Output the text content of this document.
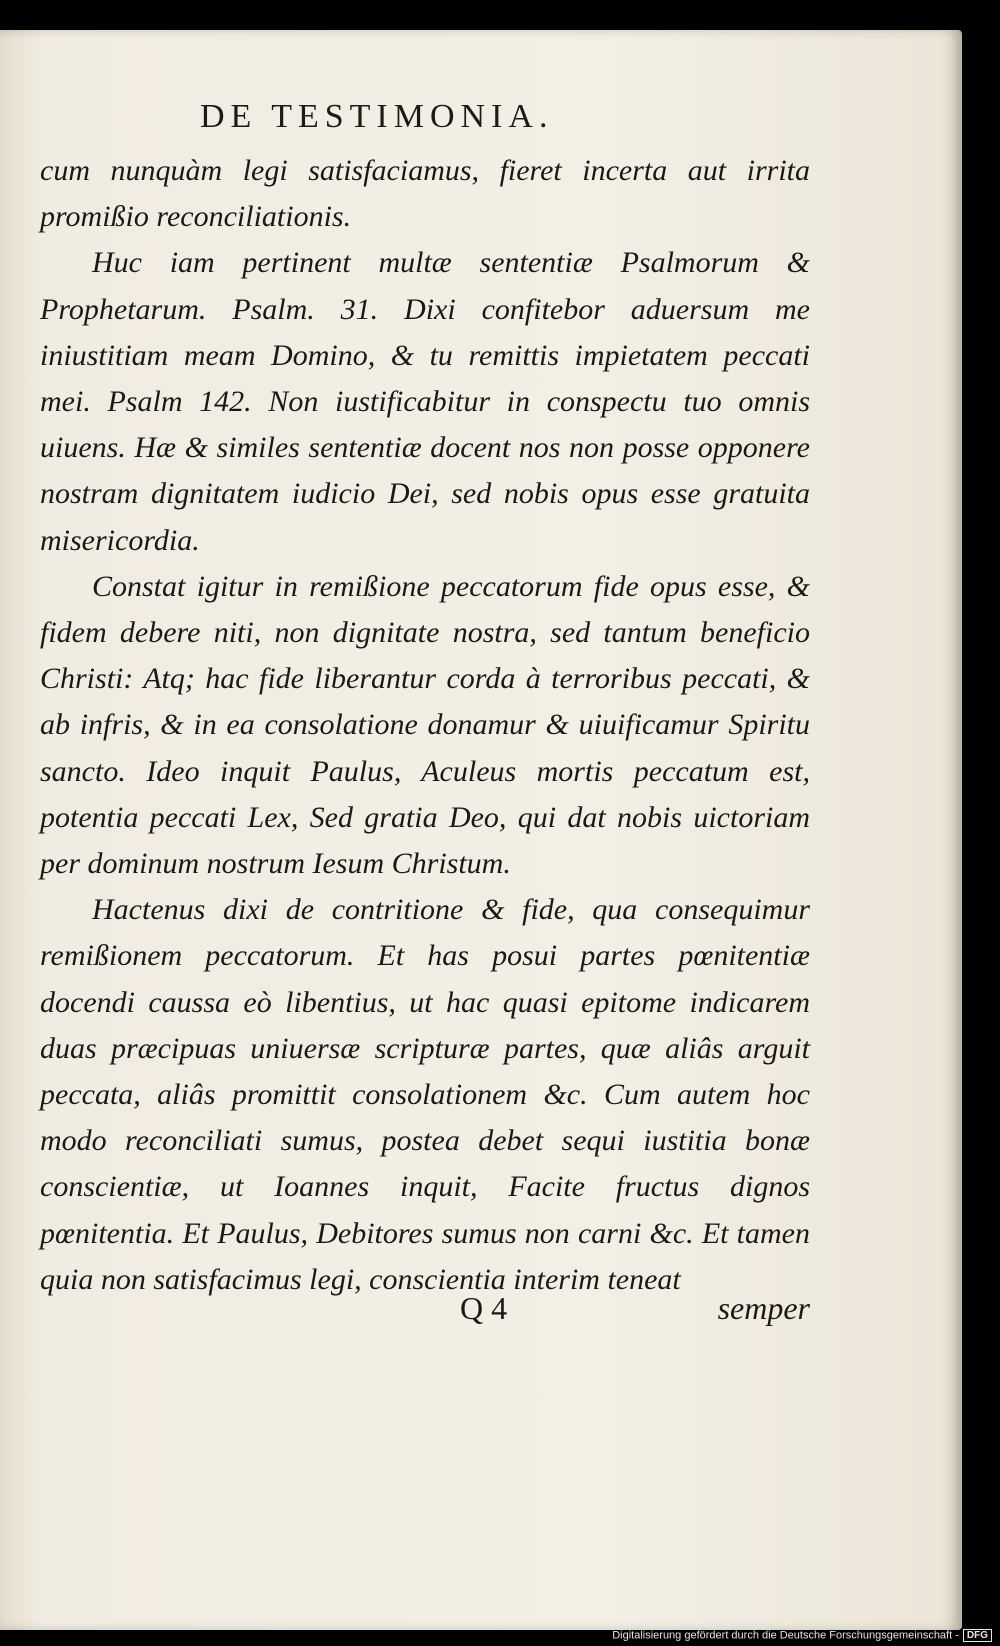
DE TESTIMONIA.

cum nunquàm legi satisfaciamus, fieret incerta aut irrita promißio reconciliationis.

Huc iam pertinent multæ sententiæ Psalmorum & Prophetarum. Psalm. 31. Dixi confitebor aduersum me iniustitiam meam Domino, & tu remittis impietatem peccati mei. Psalm 142. Non iustificabitur in conspectu tuo omnis uiuens. Hæ & similes sententiæ docent nos non posse opponere nostram dignitatem iudicio Dei, sed nobis opus esse gratuita misericordia.

Constat igitur in remißione peccatorum fide opus esse, & fidem debere niti, non dignitate nostra, sed tantum beneficio Christi: Atq; hac fide liberantur corda à terroribus peccati, & ab infris, & in ea consolatione donamur & uiuificamur Spiritu sancto. Ideo inquit Paulus, Aculeus mortis peccatum est, potentia peccati Lex, Sed gratia Deo, qui dat nobis uictoriam per dominum nostrum Iesum Christum.

Hactenus dixi de contritione & fide, qua consequimur remißionem peccatorum. Et has posui partes pœnitentiæ docendi caussa eò libentius, ut hac quasi epitome indicarem duas præcipuas uniuersæ scripturæ partes, quæ aliâs arguit peccata, aliâs promittit consolationem &c. Cum autem hoc modo reconciliati sumus, postea debet sequi iustitia bonæ conscientiæ, ut Ioannes inquit, Facite fructus dignos pœnitentia. Et Paulus, Debitores sumus non carni &c. Et tamen quia non satisfacimus legi, conscientia interim teneat

Q 4	semper
Digitalisierung gefördert durch die Deutsche Forschungsgemeinschaft - DFG
